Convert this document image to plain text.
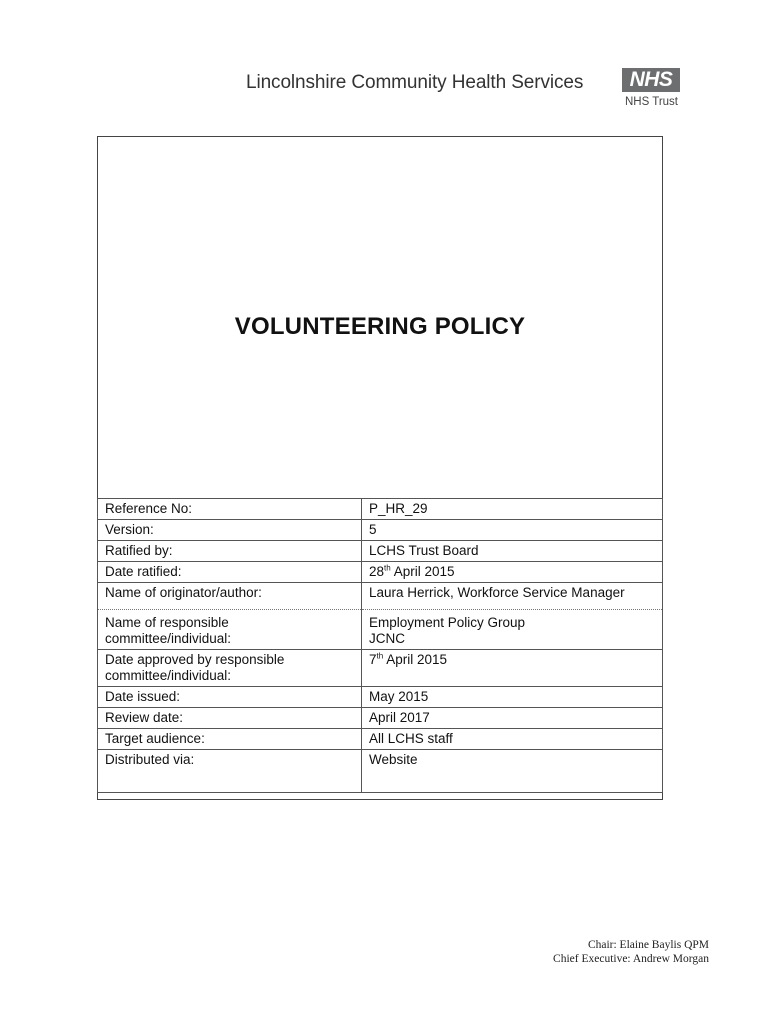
Lincolnshire Community Health Services	NHS
NHS Trust
VOLUNTEERING POLICY
Reference No:	P_HR_29
Version:	5
Ratified by:	LCHS Trust Board
Date ratified:	28th April 2015
Name of originator/author:	Laura Herrick, Workforce Service Manager
Name of responsible
committee/individual:	Employment Policy Group
JCNC
Date approved by responsible
committee/individual:	7th April 2015
Date issued:	May 2015
Review date:	April 2017
Target audience:	All LCHS staff
Distributed via:	Website
Chair: Elaine Baylis QPM
Chief Executive: Andrew Morgan
